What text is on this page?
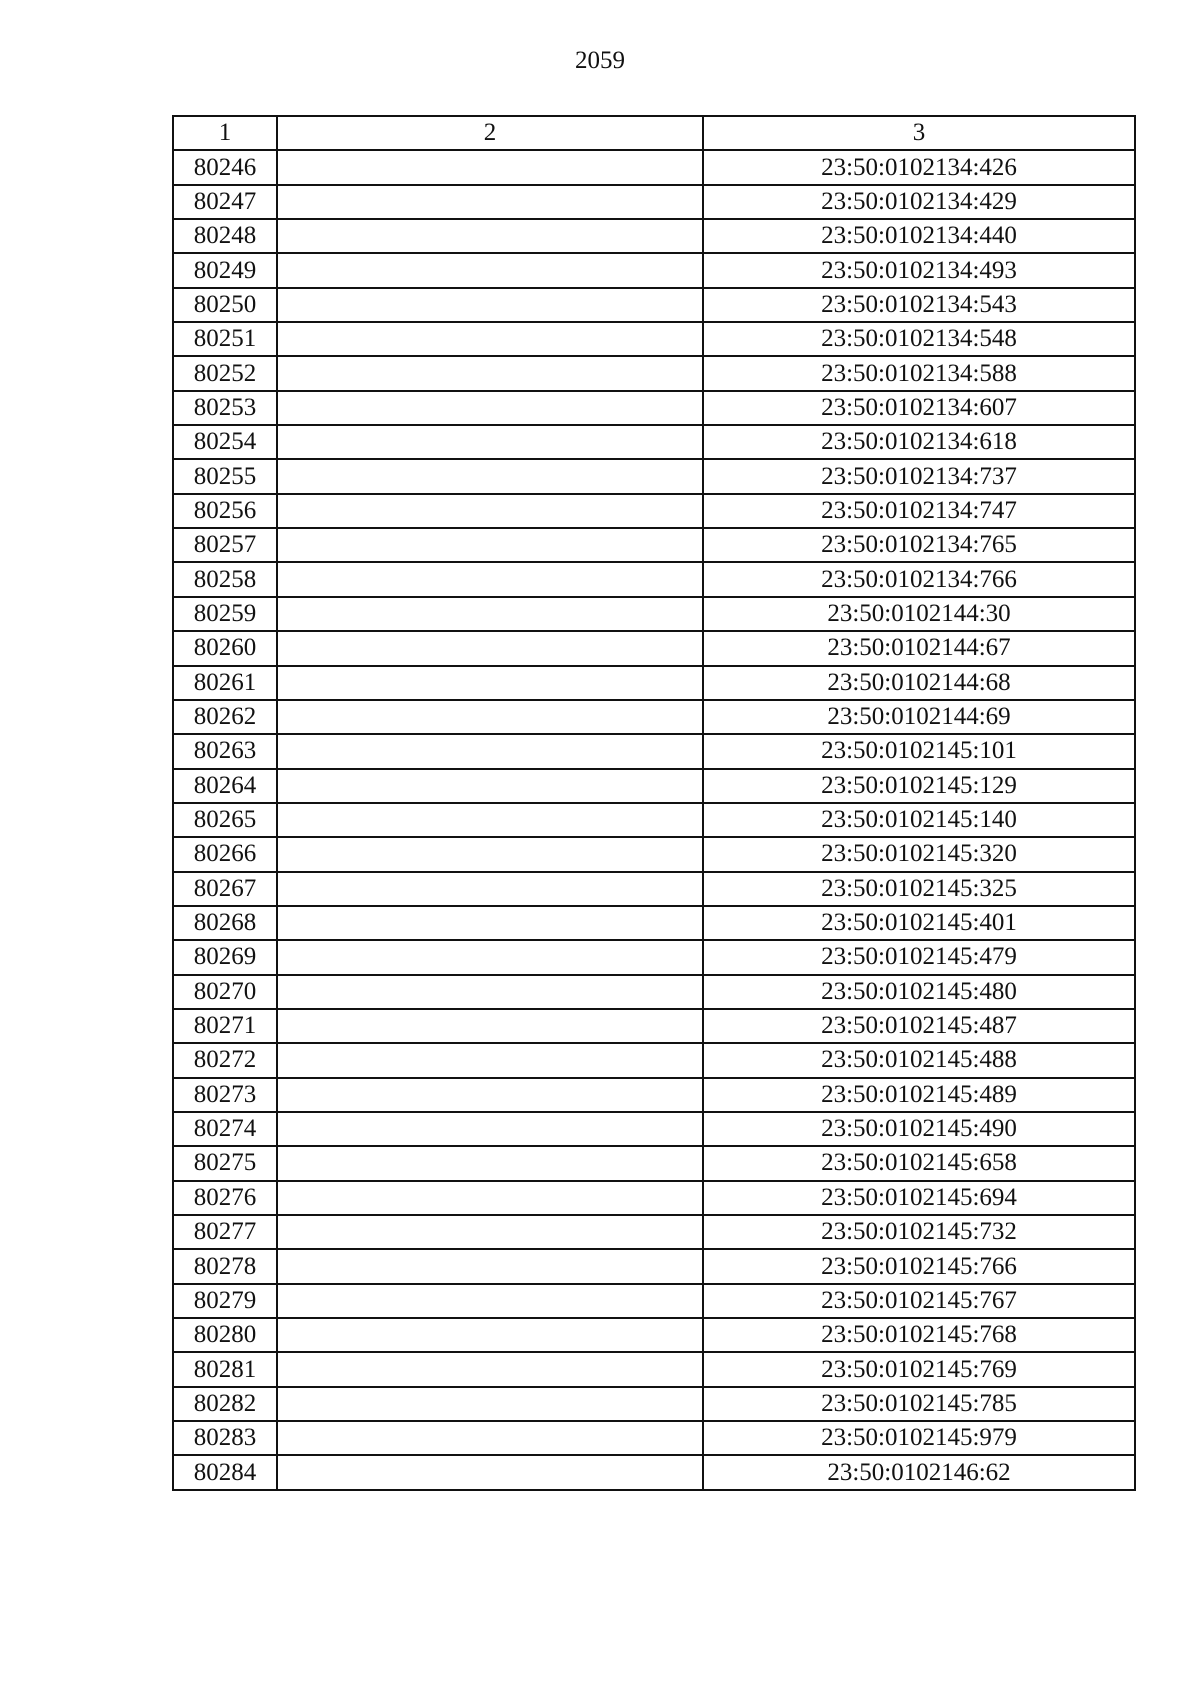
2059
1	2	3
80246		23:50:0102134:426
80247		23:50:0102134:429
80248		23:50:0102134:440
80249		23:50:0102134:493
80250		23:50:0102134:543
80251		23:50:0102134:548
80252		23:50:0102134:588
80253		23:50:0102134:607
80254		23:50:0102134:618
80255		23:50:0102134:737
80256		23:50:0102134:747
80257		23:50:0102134:765
80258		23:50:0102134:766
80259		23:50:0102144:30
80260		23:50:0102144:67
80261		23:50:0102144:68
80262		23:50:0102144:69
80263		23:50:0102145:101
80264		23:50:0102145:129
80265		23:50:0102145:140
80266		23:50:0102145:320
80267		23:50:0102145:325
80268		23:50:0102145:401
80269		23:50:0102145:479
80270		23:50:0102145:480
80271		23:50:0102145:487
80272		23:50:0102145:488
80273		23:50:0102145:489
80274		23:50:0102145:490
80275		23:50:0102145:658
80276		23:50:0102145:694
80277		23:50:0102145:732
80278		23:50:0102145:766
80279		23:50:0102145:767
80280		23:50:0102145:768
80281		23:50:0102145:769
80282		23:50:0102145:785
80283		23:50:0102145:979
80284		23:50:0102146:62
